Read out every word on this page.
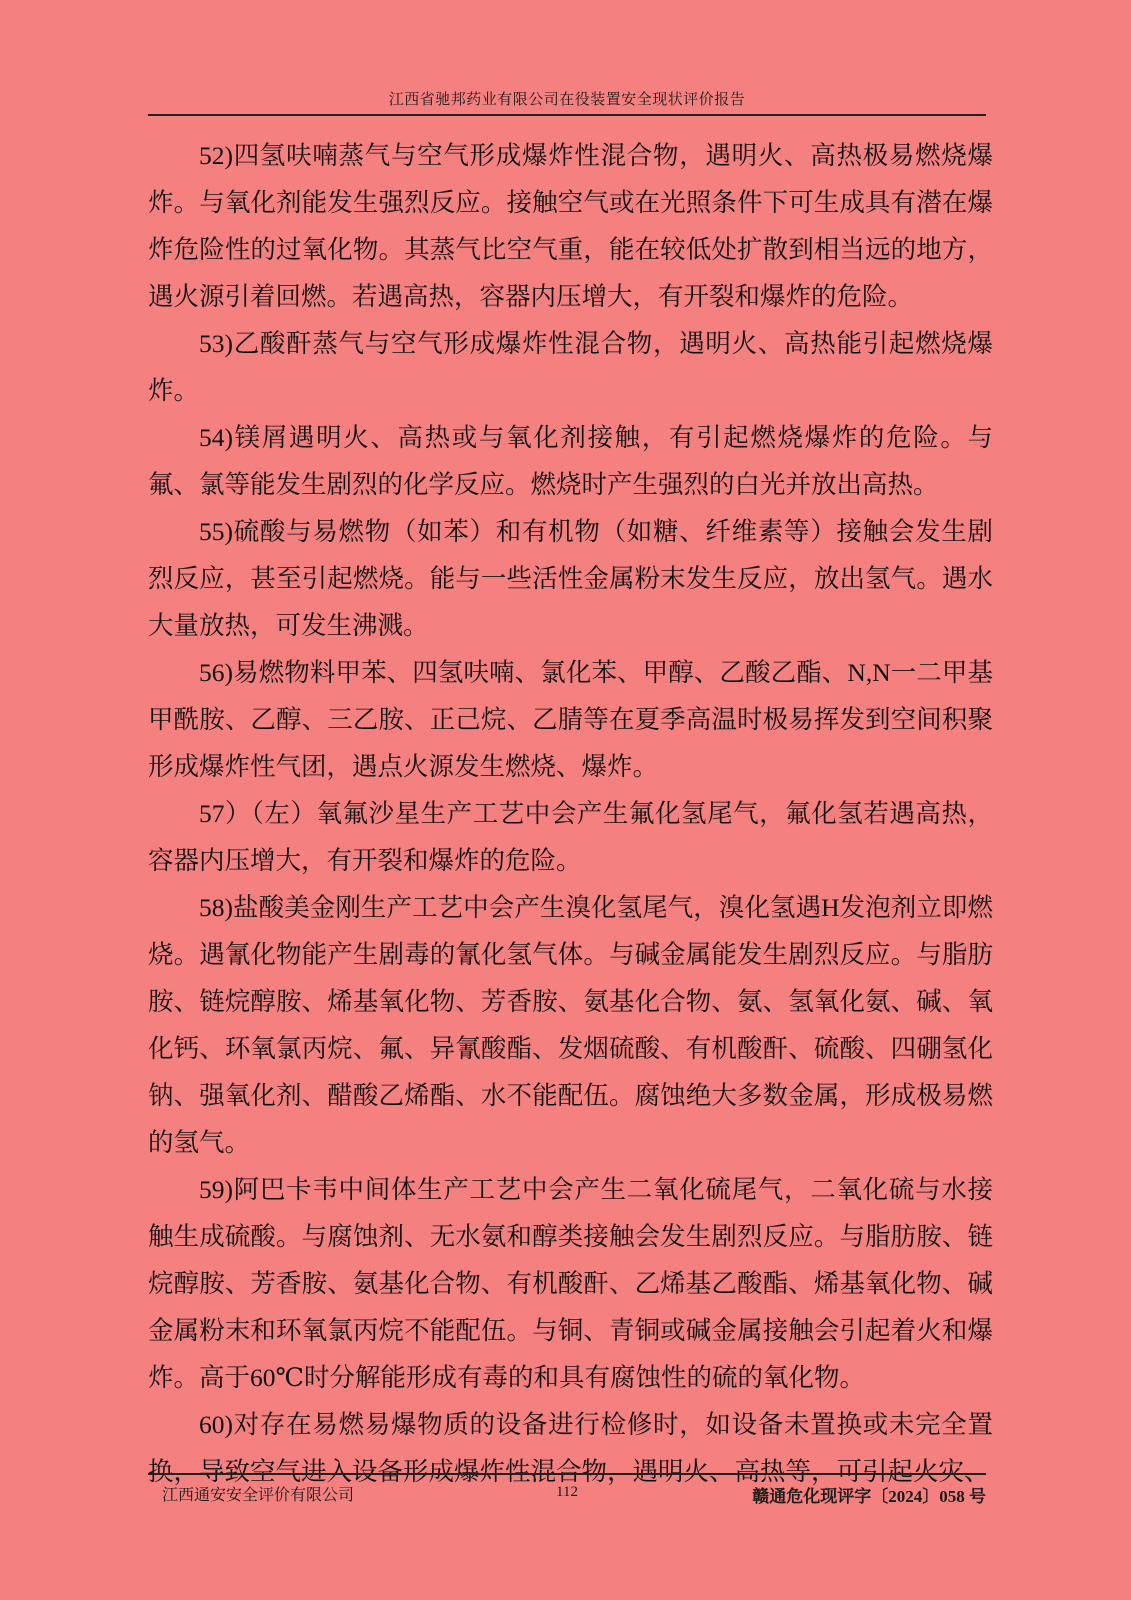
江西省驰邦药业有限公司在役装置安全现状评价报告

52)四氢呋喃蒸气与空气形成爆炸性混合物，遇明火、高热极易燃烧爆炸。与氧化剂能发生强烈反应。接触空气或在光照条件下可生成具有潜在爆炸危险性的过氧化物。其蒸气比空气重，能在较低处扩散到相当远的地方，遇火源引着回燃。若遇高热，容器内压增大，有开裂和爆炸的危险。

53)乙酸酐蒸气与空气形成爆炸性混合物，遇明火、高热能引起燃烧爆炸。

54)镁屑遇明火、高热或与氧化剂接触，有引起燃烧爆炸的危险。与氟、氯等能发生剧烈的化学反应。燃烧时产生强烈的白光并放出高热。

55)硫酸与易燃物（如苯）和有机物（如糖、纤维素等）接触会发生剧烈反应，甚至引起燃烧。能与一些活性金属粉末发生反应，放出氢气。遇水大量放热，可发生沸溅。

56)易燃物料甲苯、四氢呋喃、氯化苯、甲醇、乙酸乙酯、N,N一二甲基甲酰胺、乙醇、三乙胺、正己烷、乙腈等在夏季高温时极易挥发到空间积聚形成爆炸性气团，遇点火源发生燃烧、爆炸。

57）（左）氧氟沙星生产工艺中会产生氟化氢尾气，氟化氢若遇高热，容器内压增大，有开裂和爆炸的危险。

58)盐酸美金刚生产工艺中会产生溴化氢尾气，溴化氢遇H发泡剂立即燃烧。遇氰化物能产生剧毒的氰化氢气体。与碱金属能发生剧烈反应。与脂肪胺、链烷醇胺、烯基氧化物、芳香胺、氨基化合物、氨、氢氧化氨、碱、氧化钙、环氧氯丙烷、氟、异氰酸酯、发烟硫酸、有机酸酐、硫酸、四硼氢化钠、强氧化剂、醋酸乙烯酯、水不能配伍。腐蚀绝大多数金属，形成极易燃的氢气。

59)阿巴卡韦中间体生产工艺中会产生二氧化硫尾气，二氧化硫与水接触生成硫酸。与腐蚀剂、无水氨和醇类接触会发生剧烈反应。与脂肪胺、链烷醇胺、芳香胺、氨基化合物、有机酸酐、乙烯基乙酸酯、烯基氧化物、碱金属粉末和环氧氯丙烷不能配伍。与铜、青铜或碱金属接触会引起着火和爆炸。高于60℃时分解能形成有毒的和具有腐蚀性的硫的氧化物。

60)对存在易燃易爆物质的设备进行检修时，如设备未置换或未完全置换，导致空气进入设备形成爆炸性混合物，遇明火、高热等，可引起火灾、

江西通安安全评价有限公司	112	赣通危化现评字〔2024〕058 号
